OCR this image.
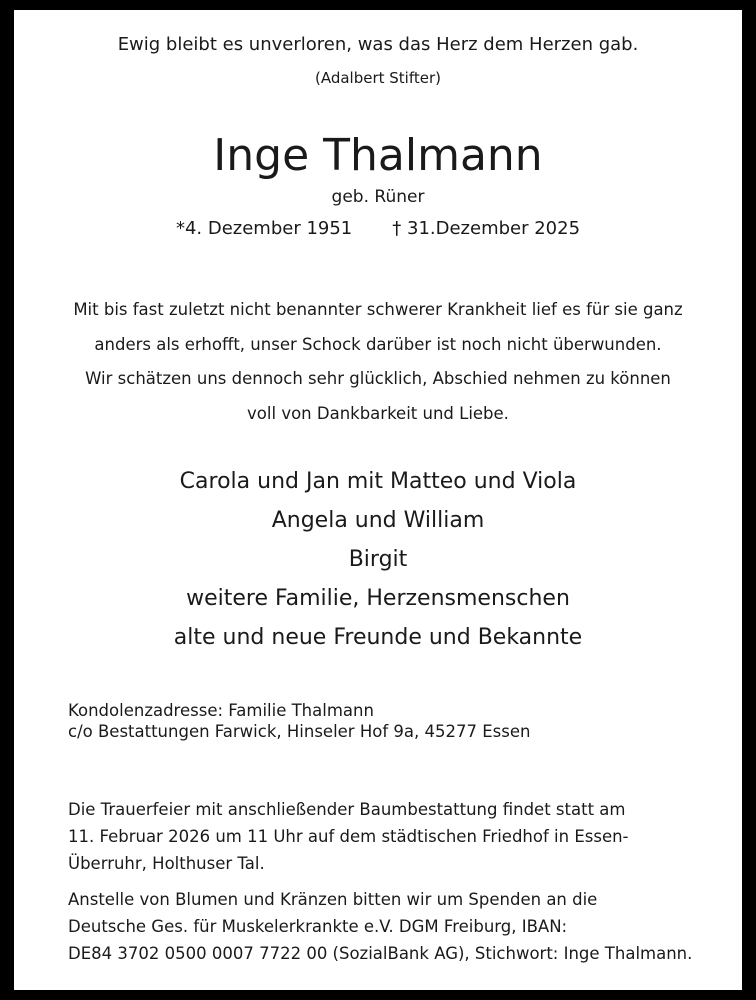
Ewig bleibt es unverloren, was das Herz dem Herzen gab.
(Adalbert Stifter)
Inge Thalmann
geb. Rüner
*4. Dezember 1951 † 31.Dezember 2025
Mit bis fast zuletzt nicht benannter schwerer Krankheit lief es für sie ganz
anders als erhofft, unser Schock darüber ist noch nicht überwunden.
Wir schätzen uns dennoch sehr glücklich, Abschied nehmen zu können
voll von Dankbarkeit und Liebe.
Carola und Jan mit Matteo und Viola
Angela und William
Birgit
weitere Familie, Herzensmenschen
alte und neue Freunde und Bekannte
Kondolenzadresse: Familie Thalmann
c/o Bestattungen Farwick, Hinseler Hof 9a, 45277 Essen
Die Trauerfeier mit anschließender Baumbestattung findet statt am
11. Februar 2026 um 11 Uhr auf dem städtischen Friedhof in Essen-
Überruhr, Holthuser Tal.
Anstelle von Blumen und Kränzen bitten wir um Spenden an die
Deutsche Ges. für Muskelerkrankte e.V. DGM Freiburg, IBAN:
DE84 3702 0500 0007 7722 00 (SozialBank AG), Stichwort: Inge Thalmann.
